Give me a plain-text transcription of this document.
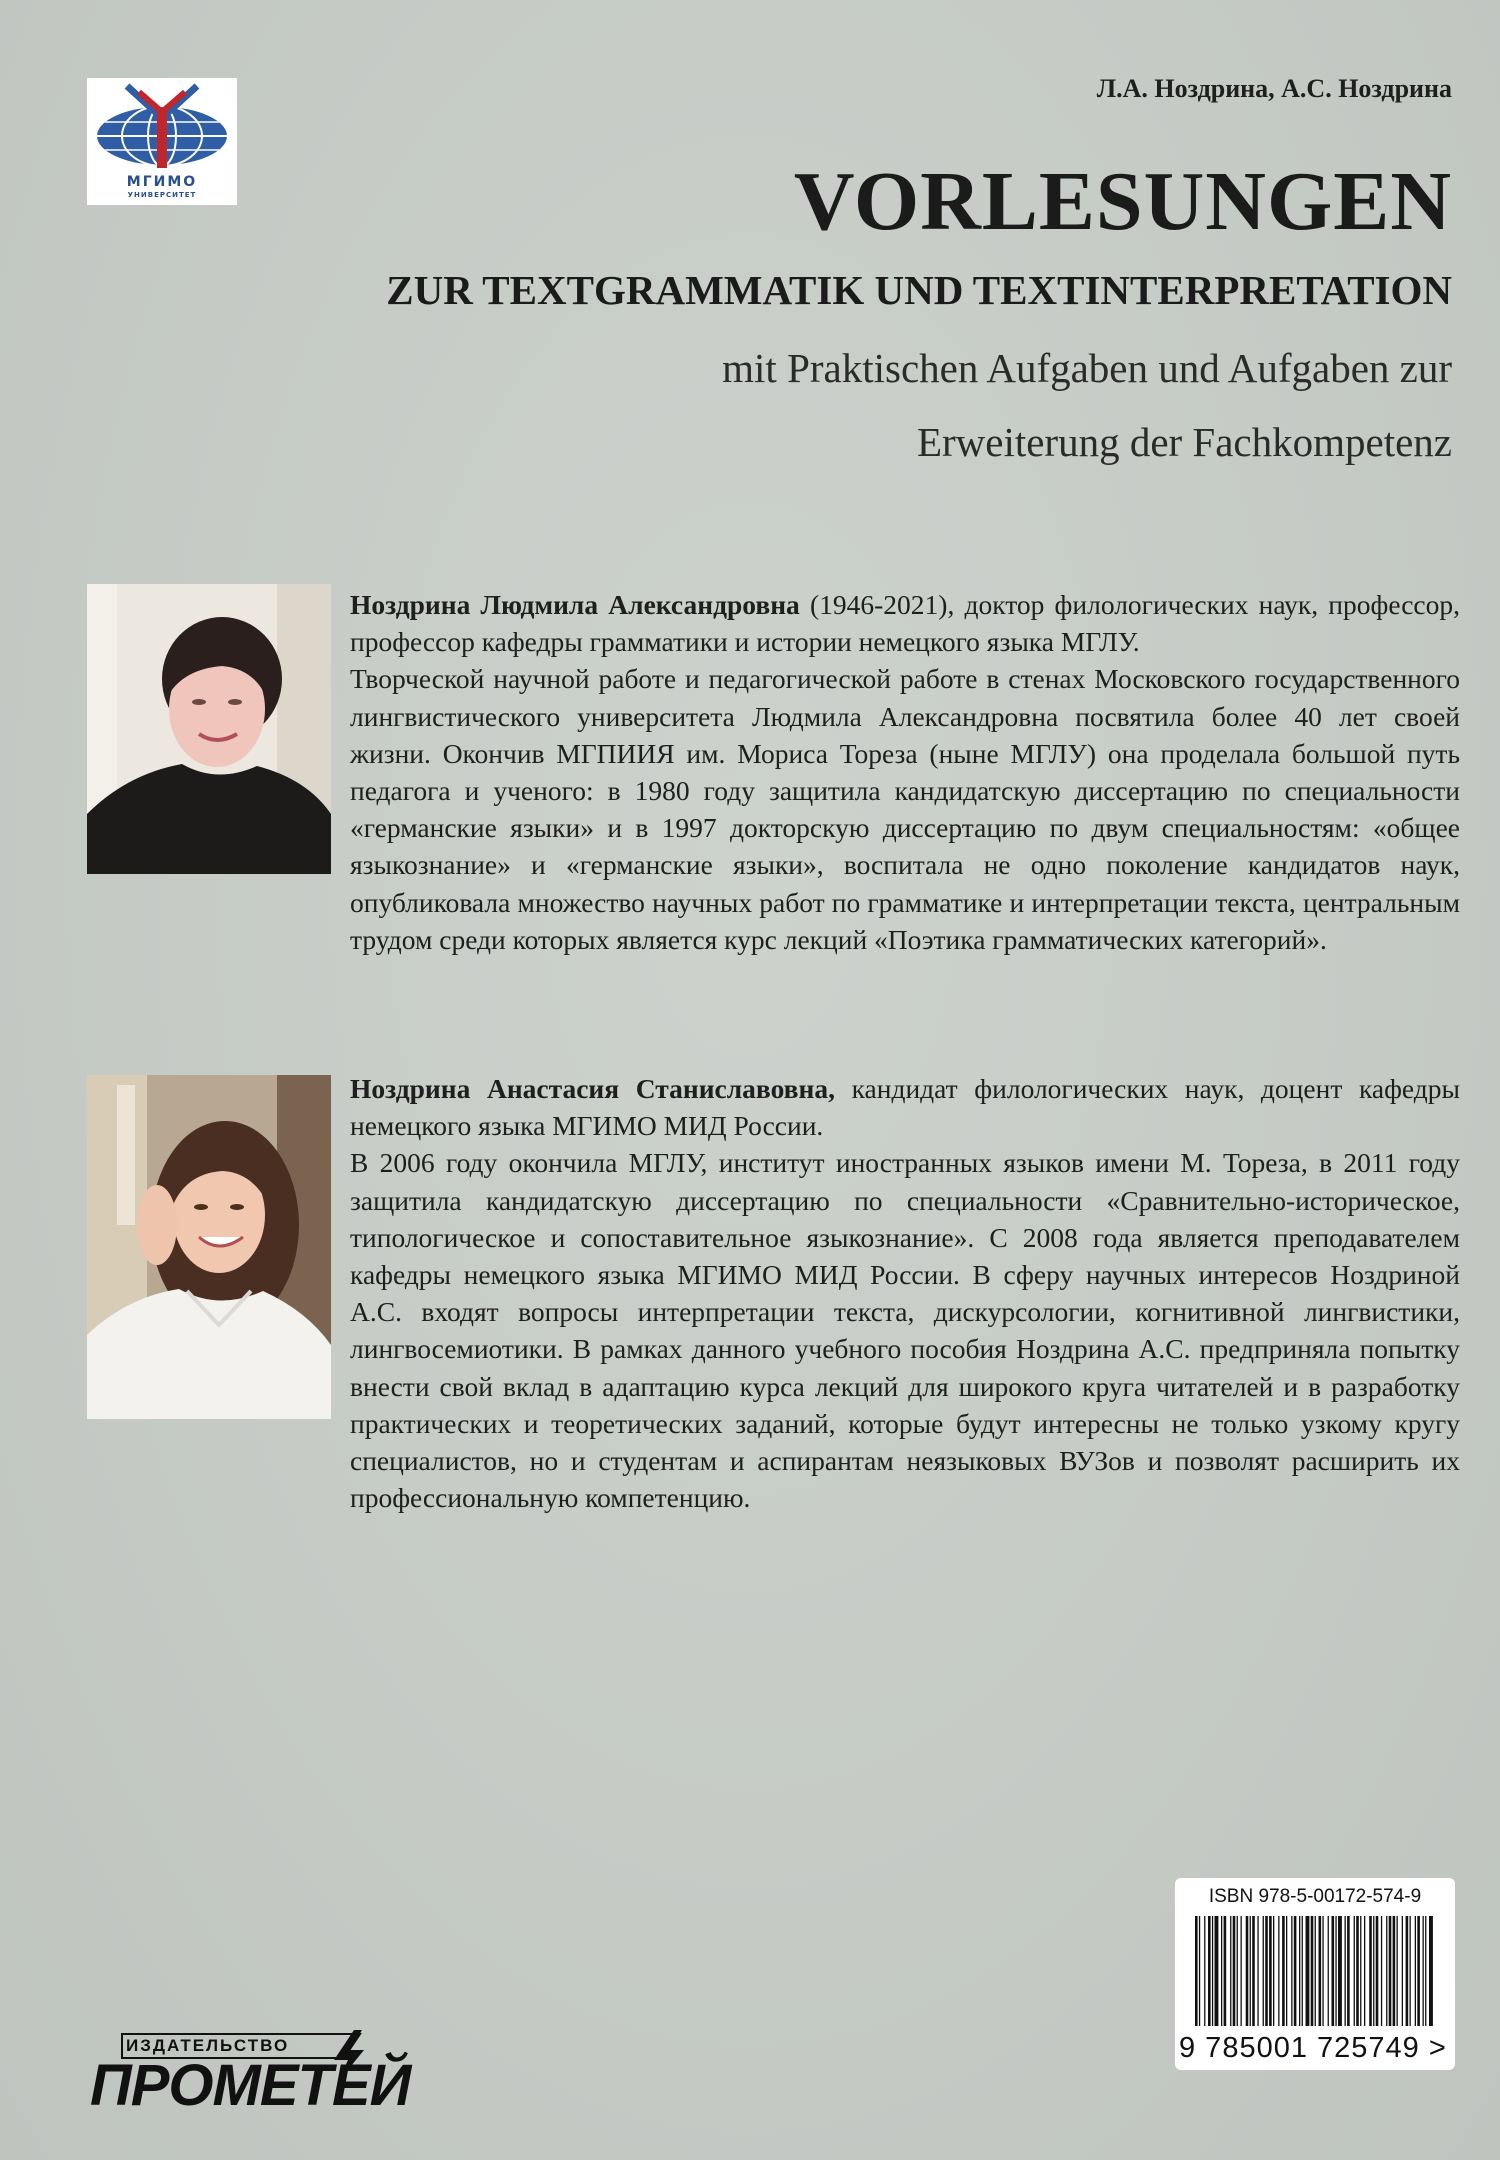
МГИМО
УНИВЕРСИТЕТ
Л.А. Ноздрина, А.С. Ноздрина
VORLESUNGEN
ZUR TEXTGRAMMATIK UND TEXTINTERPRETATION
mit Praktischen Aufgaben und Aufgaben zur
Erweiterung der Fachkompetenz

Ноздрина Людмила Александровна (1946-2021), доктор филологических наук, профессор, профессор кафедры грамматики и истории немецкого языка МГЛУ.

Творческой научной работе и педагогической работе в стенах Московского государственного лингвистического университета Людмила Александровна посвятила более 40 лет своей жизни. Окончив МГПИИЯ им. Мориса Тореза (ныне МГЛУ) она проделала большой путь педагога и ученого: в 1980 году защитила кандидатскую диссертацию по специальности «германские языки» и в 1997 докторскую диссертацию по двум специальностям: «общее языкознание» и «германские языки», воспитала не одно поколение кандидатов наук, опубликовала множество научных работ по грамматике и интерпретации текста, центральным трудом среди которых является курс лекций «Поэтика грамматических категорий».

Ноздрина Анастасия Станиславовна, кандидат филологических наук, доцент кафедры немецкого языка МГИМО МИД России.

В 2006 году окончила МГЛУ, институт иностранных языков имени М. Тореза, в 2011 году защитила кандидатскую диссертацию по специальности «Сравнительно-историческое, типологическое и сопоставительное языкознание». С 2008 года является преподавателем кафедры немецкого языка МГИМО МИД России. В сферу научных интересов Ноздриной А.С. входят вопросы интерпретации текста, дискурсологии, когнитивной лингвистики, лингвосемиотики. В рамках данного учебного пособия Ноздрина А.С. предприняла попытку внести свой вклад в адаптацию курса лекций для широкого круга читателей и в разработку практических и теоретических заданий, которые будут интересны не только узкому кругу специалистов, но и студентам и аспирантам неязыковых ВУЗов и позволят расширить их профессиональную компетенцию.

ISBN 978-5-00172-574-9
9 785001 725749 >
ИЗДАТЕЛЬСТВО
ПРОМЕТЕЙ
